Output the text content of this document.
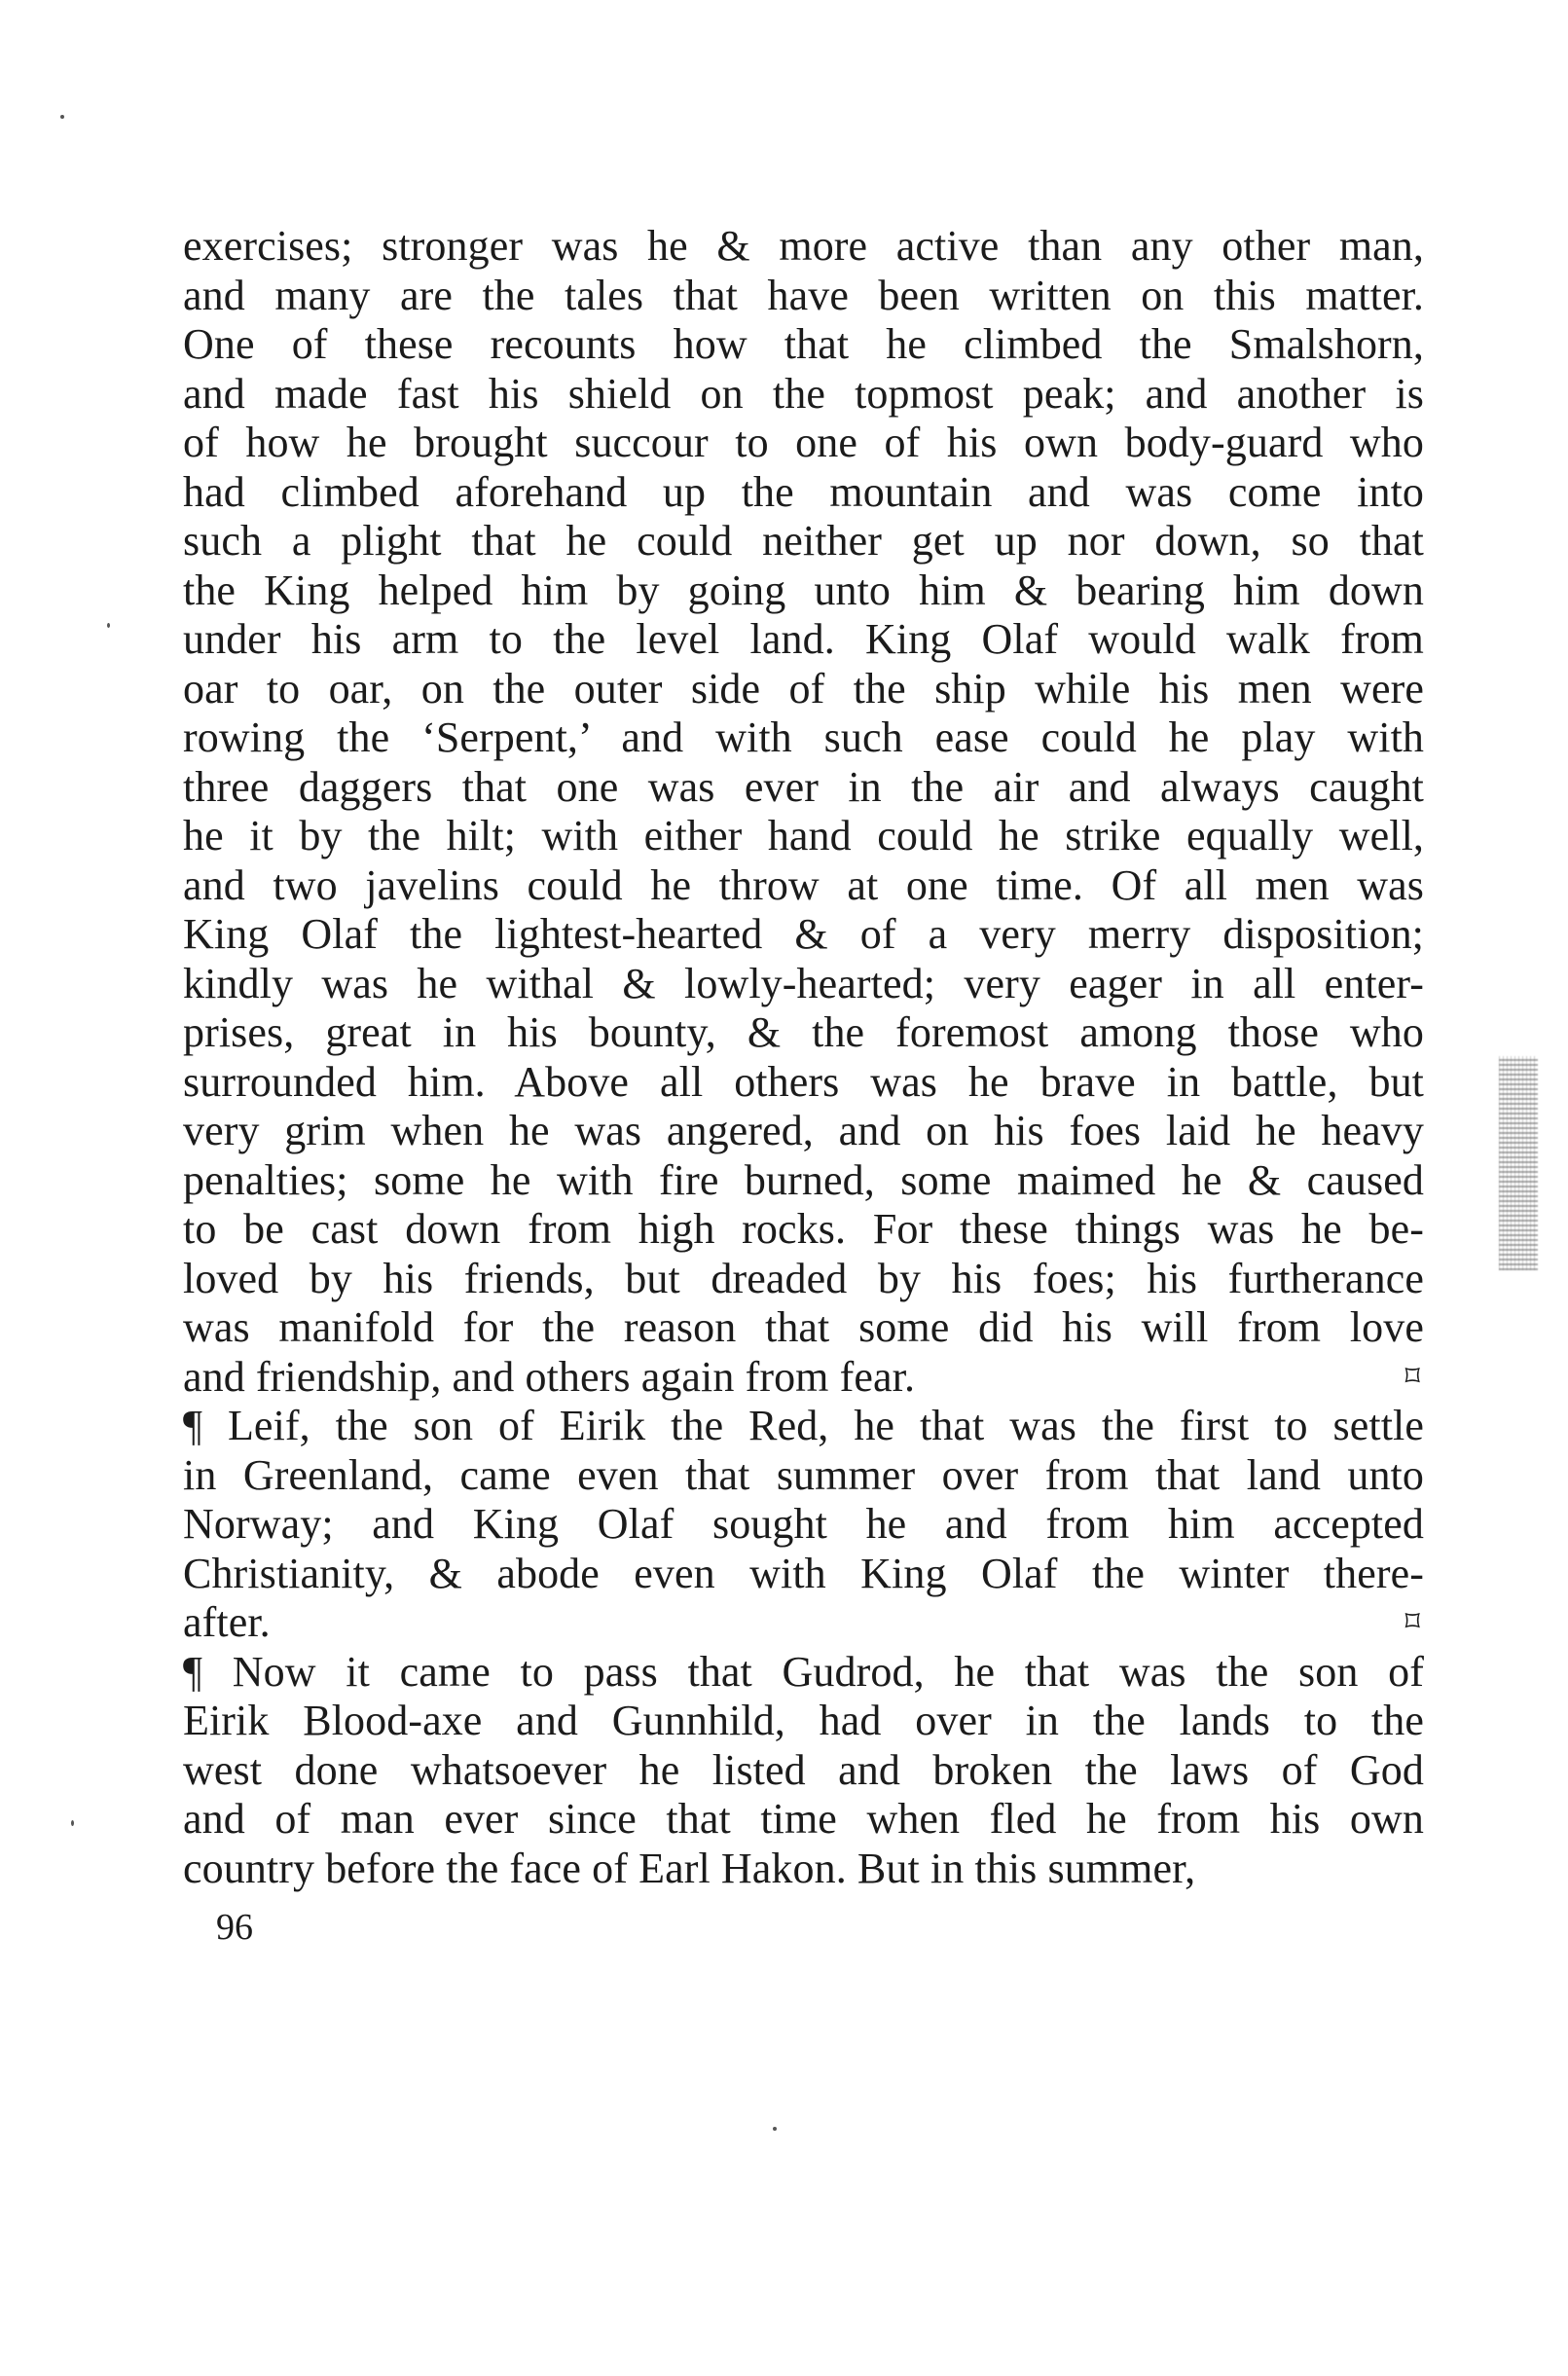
exercises; stronger was he & more active than any other man,
and many are the tales that have been written on this matter.
One of these recounts how that he climbed the Smalshorn,
and made fast his shield on the topmost peak; and another is
of how he brought succour to one of his own body-guard who
had climbed aforehand up the mountain and was come into
such a plight that he could neither get up nor down, so that
the King helped him by going unto him & bearing him down
under his arm to the level land. King Olaf would walk from
oar to oar, on the outer side of the ship while his men were
rowing the ‘Serpent,’ and with such ease could he play with
three daggers that one was ever in the air and always caught
he it by the hilt; with either hand could he strike equally well,
and two javelins could he throw at one time. Of all men was
King Olaf the lightest-hearted & of a very merry disposition;
kindly was he withal & lowly-hearted; very eager in all enter-
prises, great in his bounty, & the foremost among those who
surrounded him. Above all others was he brave in battle, but
very grim when he was angered, and on his foes laid he heavy
penalties; some he with fire burned, some maimed he & caused
to be cast down from high rocks. For these things was he be-
loved by his friends, but dreaded by his foes; his furtherance
was manifold for the reason that some did his will from love
and friendship, and others again from fear.	⌑
¶ Leif, the son of Eirik the Red, he that was the first to settle
in Greenland, came even that summer over from that land unto
Norway; and King Olaf sought he and from him accepted
Christianity, & abode even with King Olaf the winter there-
after.	⌑
¶ Now it came to pass that Gudrod, he that was the son of
Eirik Blood-axe and Gunnhild, had over in the lands to the
west done whatsoever he listed and broken the laws of God
and of man ever since that time when fled he from his own
country before the face of Earl Hakon. But in this summer,
96
